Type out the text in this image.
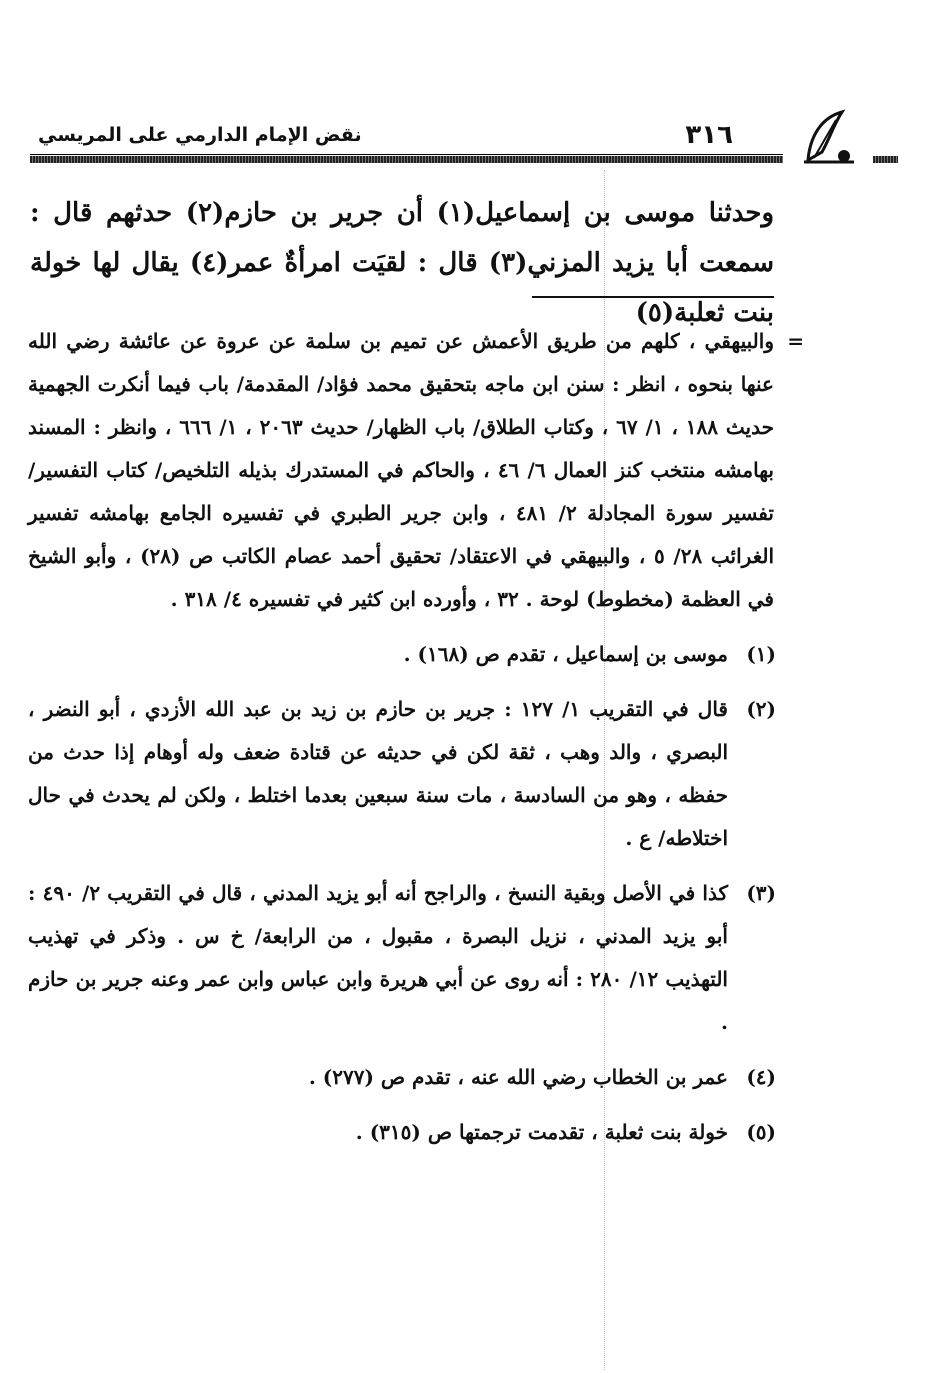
٣١٦
نقض الإمام الدارمي على المريسي

وحدثنا موسى بن إسماعيل(١) أن جرير بن حازم(٢) حدثهم قال :

سمعت أبا يزيد المزني(٣) قال : لقيَت امرأةٌ عمر(٤) يقال لها خولة بنت ثعلبة(٥)

=
والبيهقي ، كلهم من طريق الأعمش عن تميم بن سلمة عن عروة عن عائشة رضي الله عنها بنحوه ، انظر : سنن ابن ماجه بتحقيق محمد فؤاد/ المقدمة/ باب فيما أنكرت الجهمية حديث ١٨٨ ، ١/ ٦٧ ، وكتاب الطلاق/ باب الظهار/ حديث ٢٠٦٣ ، ١/ ٦٦٦ ، وانظر : المسند بهامشه منتخب كنز العمال ٦/ ٤٦ ، والحاكم في المستدرك بذيله التلخيص/ كتاب التفسير/ تفسير سورة المجادلة ٢/ ٤٨١ ، وابن جرير الطبري في تفسيره الجامع بهامشه تفسير الغرائب ٢٨/ ٥ ، والبيهقي في الاعتقاد/ تحقيق أحمد عصام الكاتب ص (٢٨) ، وأبو الشيخ في العظمة (مخطوط) لوحة . ٣٢ ، وأورده ابن كثير في تفسيره ٤/ ٣١٨ .
(١)
موسى بن إسماعيل ، تقدم ص (١٦٨) .
(٢)
قال في التقريب ١/ ١٢٧ : جرير بن حازم بن زيد بن عبد الله الأزدي ، أبو النضر ، البصري ، والد وهب ، ثقة لكن في حديثه عن قتادة ضعف وله أوهام إذا حدث من حفظه ، وهو من السادسة ، مات سنة سبعين بعدما اختلط ، ولكن لم يحدث في حال اختلاطه/ ع .
(٣)
كذا في الأصل وبقية النسخ ، والراجح أنه أبو يزيد المدني ، قال في التقريب ٢/ ٤٩٠ : أبو يزيد المدني ، نزيل البصرة ، مقبول ، من الرابعة/ خ س . وذكر في تهذيب التهذيب ١٢/ ٢٨٠ : أنه روى عن أبي هريرة وابن عباس وابن عمر وعنه جرير بن حازم .
(٤)
عمر بن الخطاب رضي الله عنه ، تقدم ص (٢٧٧) .
(٥)
خولة بنت ثعلبة ، تقدمت ترجمتها ص (٣١٥) .
